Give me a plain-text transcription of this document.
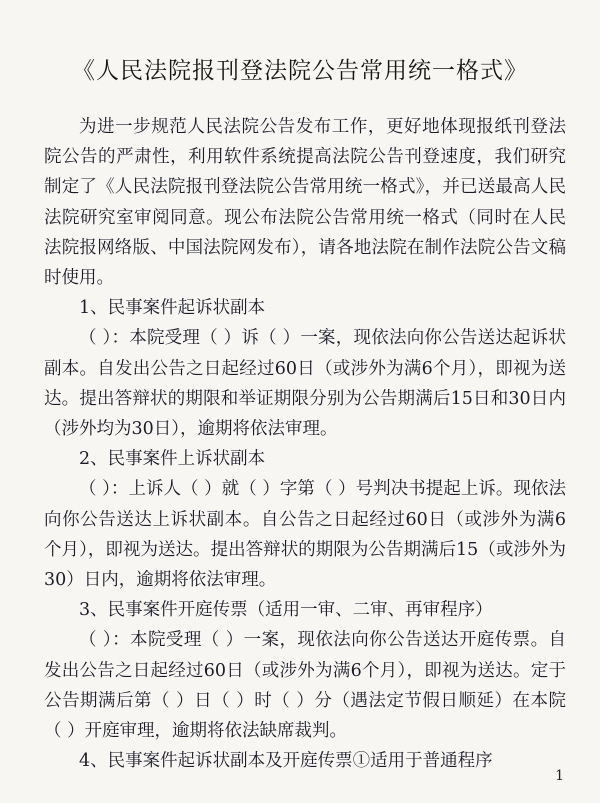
《人民法院报刊登法院公告常用统一格式》

为进一步规范人民法院公告发布工作，更好地体现报纸刊登法院公告的严肃性，利用软件系统提高法院公告刊登速度，我们研究制定了《人民法院报刊登法院公告常用统一格式》，并已送最高人民法院研究室审阅同意。现公布法院公告常用统一格式（同时在人民法院报网络版、中国法院网发布），请各地法院在制作法院公告文稿时使用。

1、民事案件起诉状副本

（ ）：本院受理（ ）诉（ ）一案，现依法向你公告送达起诉状副本。自发出公告之日起经过60日（或涉外为满6个月），即视为送达。提出答辩状的期限和举证期限分别为公告期满后15日和30日内（涉外均为30日），逾期将依法审理。

2、民事案件上诉状副本

（ ）：上诉人（ ）就（ ）字第（ ）号判决书提起上诉。现依法向你公告送达上诉状副本。自公告之日起经过60日（或涉外为满6个月），即视为送达。提出答辩状的期限为公告期满后15（或涉外为30）日内，逾期将依法审理。

3、民事案件开庭传票（适用一审、二审、再审程序）

（ ）：本院受理（ ）一案，现依法向你公告送达开庭传票。自发出公告之日起经过60日（或涉外为满6个月），即视为送达。定于公告期满后第（ ）日（ ）时（ ）分（遇法定节假日顺延）在本院（ ）开庭审理，逾期将依法缺席裁判。

4、民事案件起诉状副本及开庭传票①适用于普通程序

1
